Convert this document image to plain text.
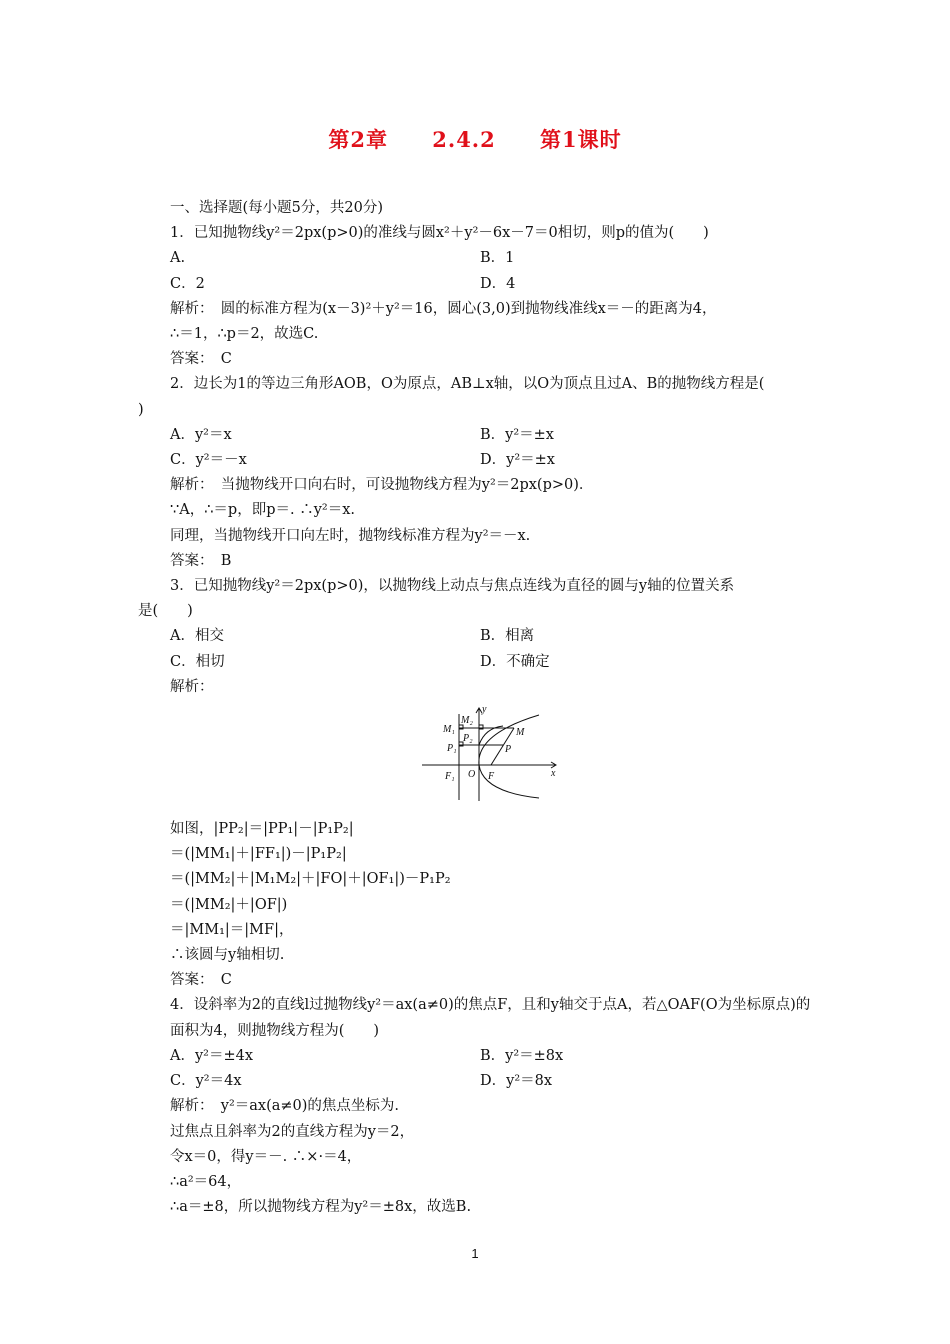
第2章 2.4.2 第1课时
一、选择题(每小题5分，共20分)
1．已知抛物线y²＝2px(p>0)的准线与圆x²＋y²－6x－7＝0相切，则p的值为(　　)
A.	B．1
C．2	D．4
解析：　圆的标准方程为(x－3)²＋y²＝16，圆心(3,0)到抛物线准线x＝－的距离为4，
∴＝1，∴p＝2，故选C.
答案：　C
2．边长为1的等边三角形AOB，O为原点，AB⊥x轴，以O为顶点且过A、B的抛物线方程是(
)
A．y²＝x	B．y²＝±x
C．y²＝－x	D．y²＝±x
解析：　当抛物线开口向右时，可设抛物线方程为y²＝2px(p>0)．
∵A，∴＝p，即p＝. ∴y²＝x.
同理，当抛物线开口向左时，抛物线标准方程为y²＝－x.
答案：　B
3．已知抛物线y²＝2px(p>0)，以抛物线上动点与焦点连线为直径的圆与y轴的位置关系
是(　　)
A．相交	B．相离
C．相切	D．不确定
解析：
y
x
M₁
M₂
M
P₁
P₂
P
F₁ O F
如图，|PP₂|＝|PP₁|－|P₁P₂|
＝(|MM₁|＋|FF₁|)－|P₁P₂|
＝(|MM₂|＋|M₁M₂|＋|FO|＋|OF₁|)－P₁P₂
＝(|MM₂|＋|OF|)
＝|MM₁|＝|MF|，
∴该圆与y轴相切.
答案：　C
4．设斜率为2的直线l过抛物线y²＝ax(a≠0)的焦点F，且和y轴交于点A，若△OAF(O为坐标原点)的面积为4，则抛物线方程为(　　)
A．y²＝±4x	B．y²＝±8x
C．y²＝4x	D．y²＝8x
解析：　y²＝ax(a≠0)的焦点坐标为.
过焦点且斜率为2的直线方程为y＝2，
令x＝0，得y＝－. ∴×·＝4，
∴a²＝64，
∴a＝±8，所以抛物线方程为y²＝±8x，故选B.
1
